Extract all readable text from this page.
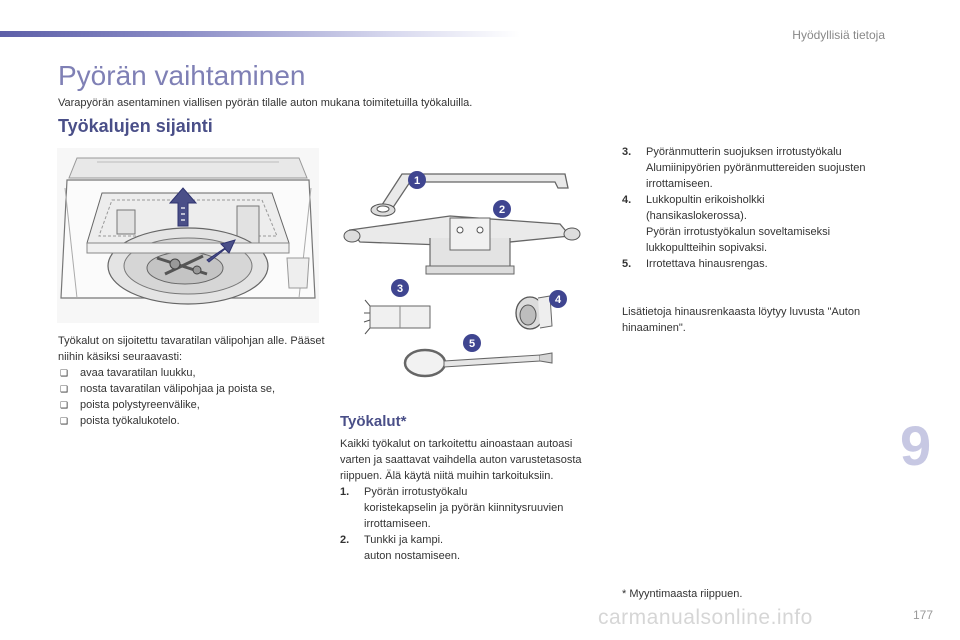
Hyödyllisiä tietoja
Pyörän vaihtaminen
Varapyörän asentaminen viallisen pyörän tilalle auton mukana toimitetuilla työkaluilla.
Työkalujen sijainti
1
2
3
4
5
Työkalut on sijoitettu tavaratilan välipohjan alle. Pääset niihin käsiksi seuraavasti:
❑ avaa tavaratilan luukku,
❑ nosta tavaratilan välipohjaa ja poista se,
❑ poista polystyreenvälike,
❑ poista työkalukotelo.	Työkalut*
Kaikki työkalut on tarkoitettu ainoastaan autoasi varten ja saattavat vaihdella auton varustetasosta riippuen. Älä käytä niitä muihin tarkoituksiin.
1. Pyörän irrotustyökalu
koristekapselin ja pyörän kiinnitysruuvien irrottamiseen.
2. Tunkki ja kampi.
auton nostamiseen.
3. Pyöränmutterin suojuksen irrotustyökalu
Alumiinipyörien pyöränmuttereiden suojusten irrottamiseen.
4. Lukkopultin erikoisholkki
(hansikaslokerossa).
Pyörän irrotustyökalun soveltamiseksi lukkopultteihin sopivaksi.
5. Irrotettava hinausrengas.
Lisätietoja hinausrenkaasta löytyy luvusta "Auton hinaaminen".
* Myyntimaasta riippuen.
9
carmanualsonline.info	177
